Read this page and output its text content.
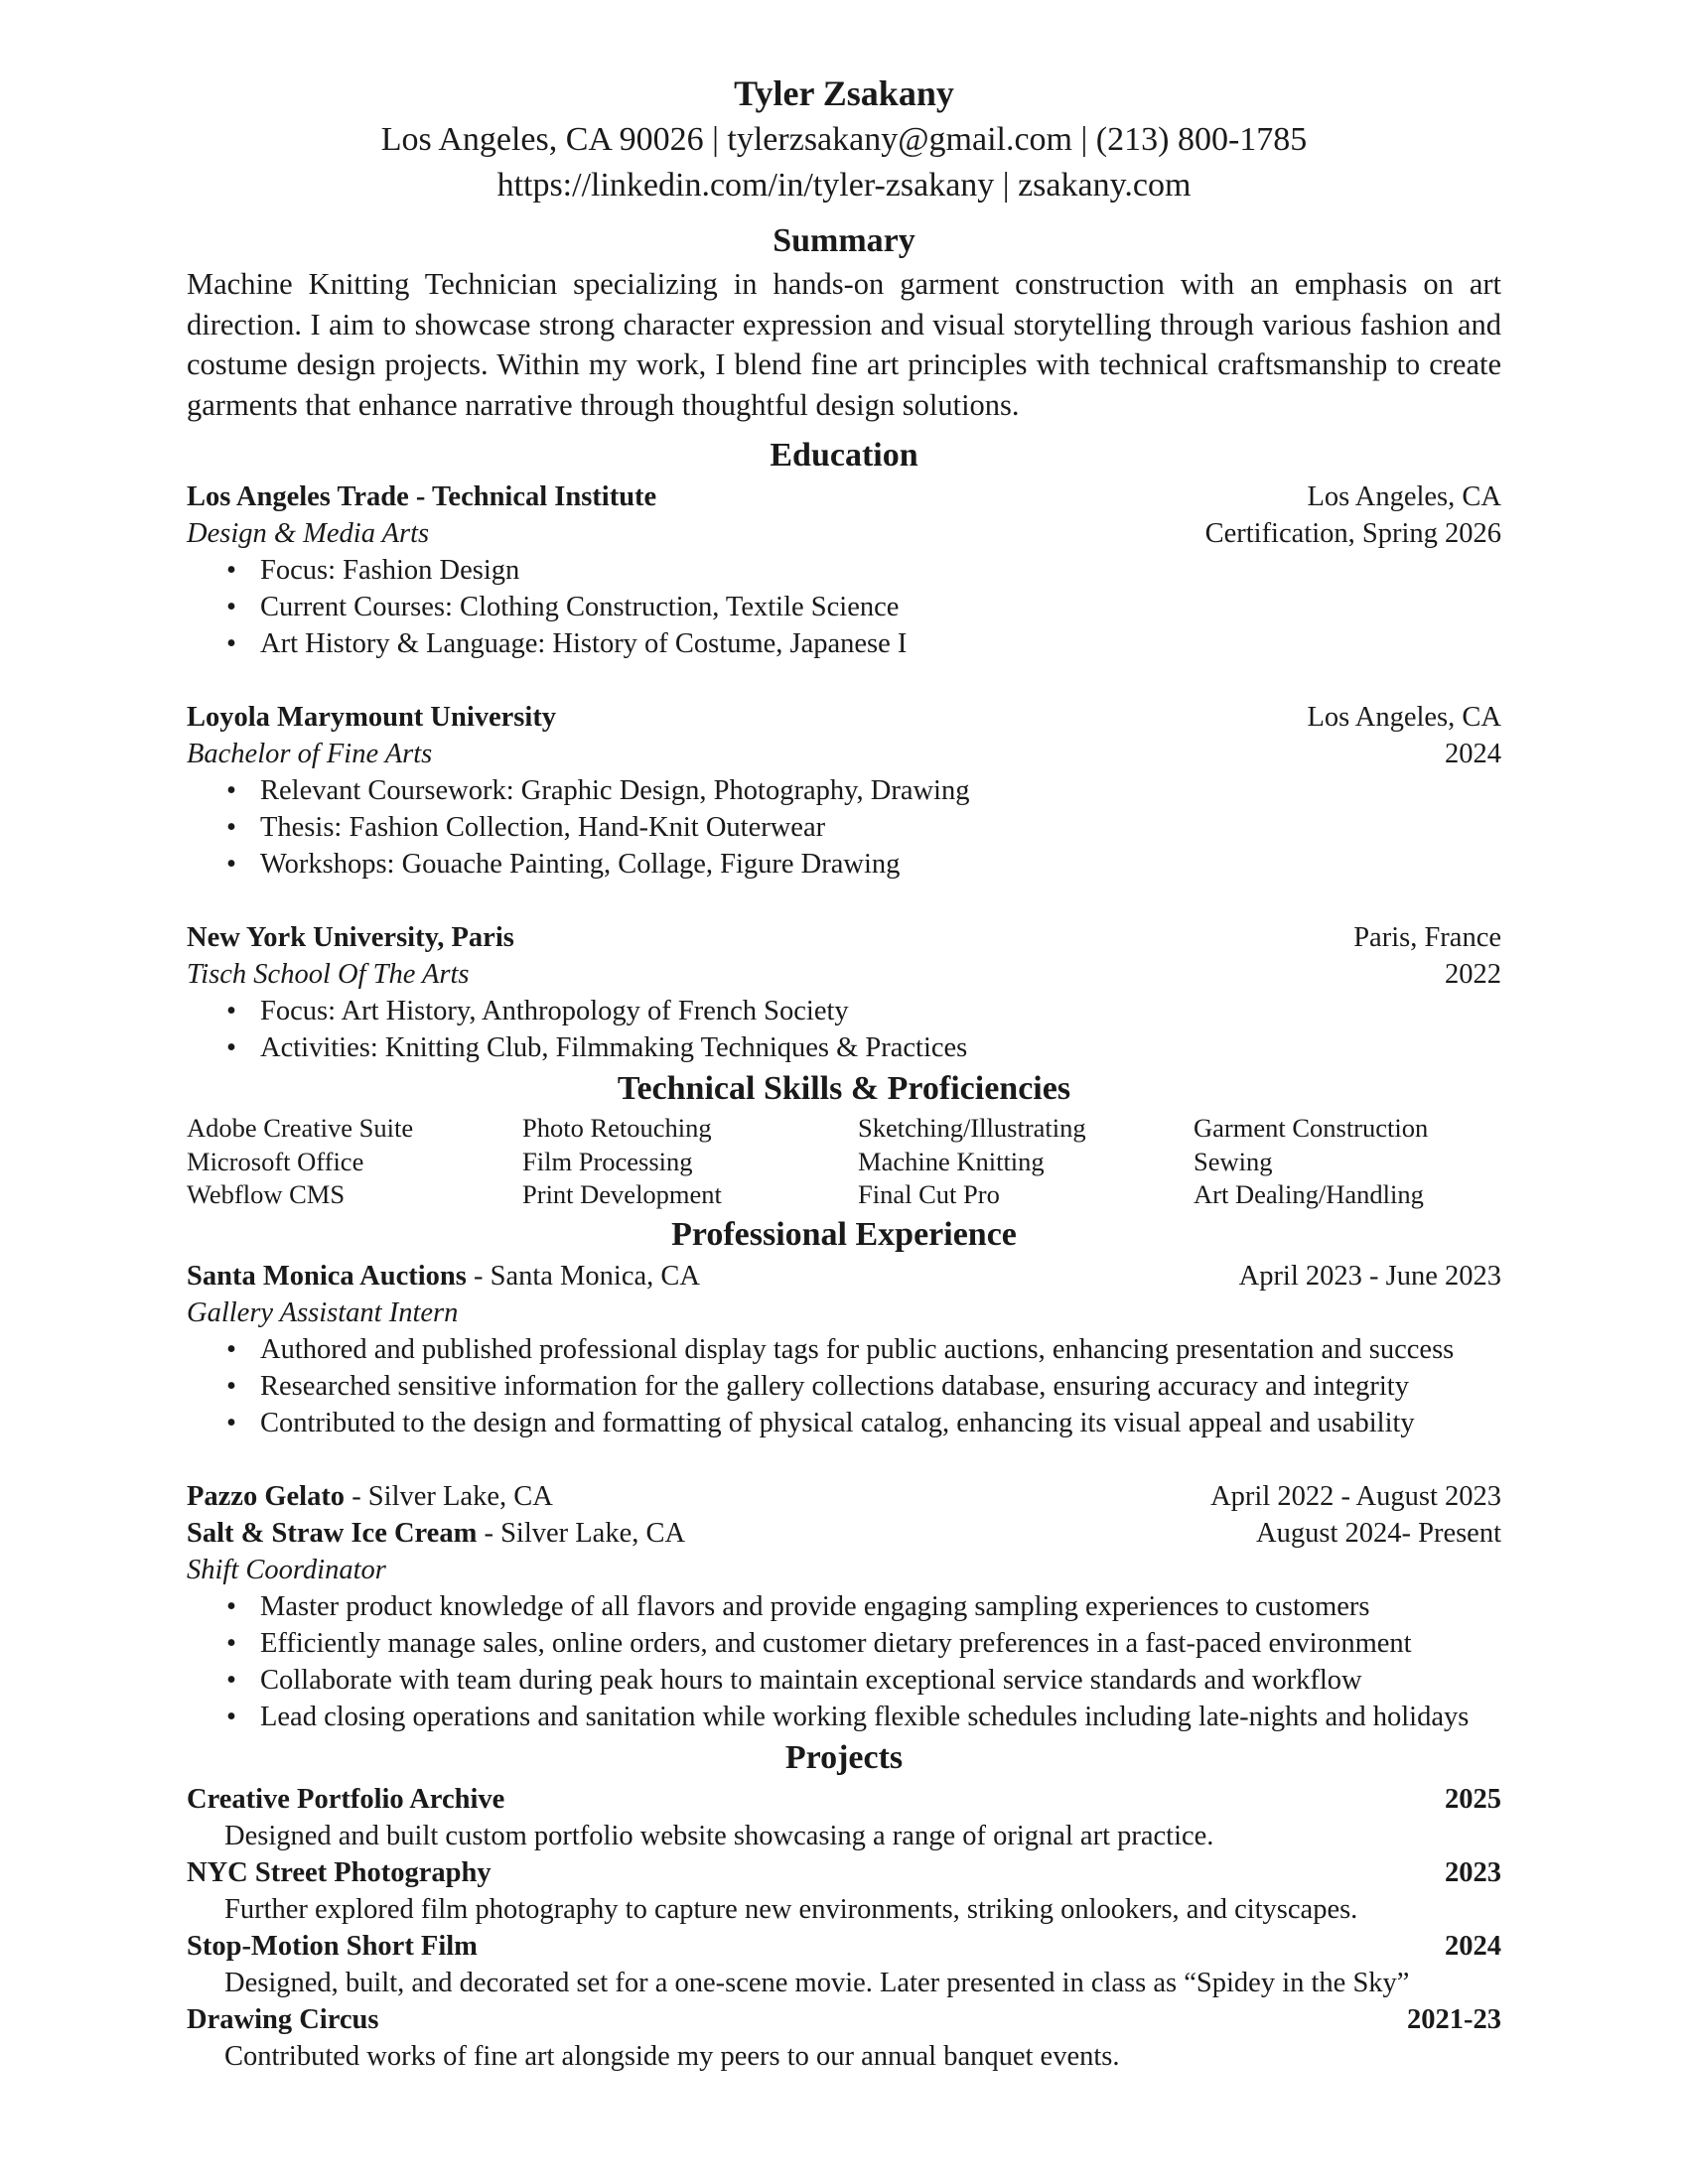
Tyler Zsakany
Los Angeles, CA 90026 | tylerzsakany@gmail.com | (213) 800-1785
https://linkedin.com/in/tyler-zsakany | zsakany.com
Summary
Machine Knitting Technician specializing in hands-on garment construction with an emphasis on art direction. I aim to showcase strong character expression and visual storytelling through various fashion and costume design projects. Within my work, I blend fine art principles with technical craftsmanship to create garments that enhance narrative through thoughtful design solutions.
Education
Los Angeles Trade - Technical Institute	Los Angeles, CA
Design & Media Arts	Certification, Spring 2026
• Focus: Fashion Design
• Current Courses: Clothing Construction, Textile Science
• Art History & Language: History of Costume, Japanese I
Loyola Marymount University	Los Angeles, CA
Bachelor of Fine Arts	2024
• Relevant Coursework: Graphic Design, Photography, Drawing
• Thesis: Fashion Collection, Hand-Knit Outerwear
• Workshops: Gouache Painting, Collage, Figure Drawing
New York University, Paris	Paris, France
Tisch School Of The Arts	2022
• Focus: Art History, Anthropology of French Society
• Activities: Knitting Club, Filmmaking Techniques & Practices
Technical Skills & Proficiencies
Adobe Creative Suite	Photo Retouching	Sketching/Illustrating	Garment Construction
Microsoft Office	Film Processing	Machine Knitting	Sewing
Webflow CMS	Print Development	Final Cut Pro	Art Dealing/Handling
Professional Experience
Santa Monica Auctions - Santa Monica, CA	April 2023 - June 2023
Gallery Assistant Intern
• Authored and published professional display tags for public auctions, enhancing presentation and success
• Researched sensitive information for the gallery collections database, ensuring accuracy and integrity
• Contributed to the design and formatting of physical catalog, enhancing its visual appeal and usability
Pazzo Gelato - Silver Lake, CA	April 2022 - August 2023
Salt & Straw Ice Cream - Silver Lake, CA	August 2024- Present
Shift Coordinator
• Master product knowledge of all flavors and provide engaging sampling experiences to customers
• Efficiently manage sales, online orders, and customer dietary preferences in a fast-paced environment
• Collaborate with team during peak hours to maintain exceptional service standards and workflow
• Lead closing operations and sanitation while working flexible schedules including late-nights and holidays
Projects
Creative Portfolio Archive	2025
Designed and built custom portfolio website showcasing a range of orignal art practice.
NYC Street Photography	2023
Further explored film photography to capture new environments, striking onlookers, and cityscapes.
Stop-Motion Short Film	2024
Designed, built, and decorated set for a one-scene movie. Later presented in class as “Spidey in the Sky”
Drawing Circus	2021-23
Contributed works of fine art alongside my peers to our annual banquet events.
